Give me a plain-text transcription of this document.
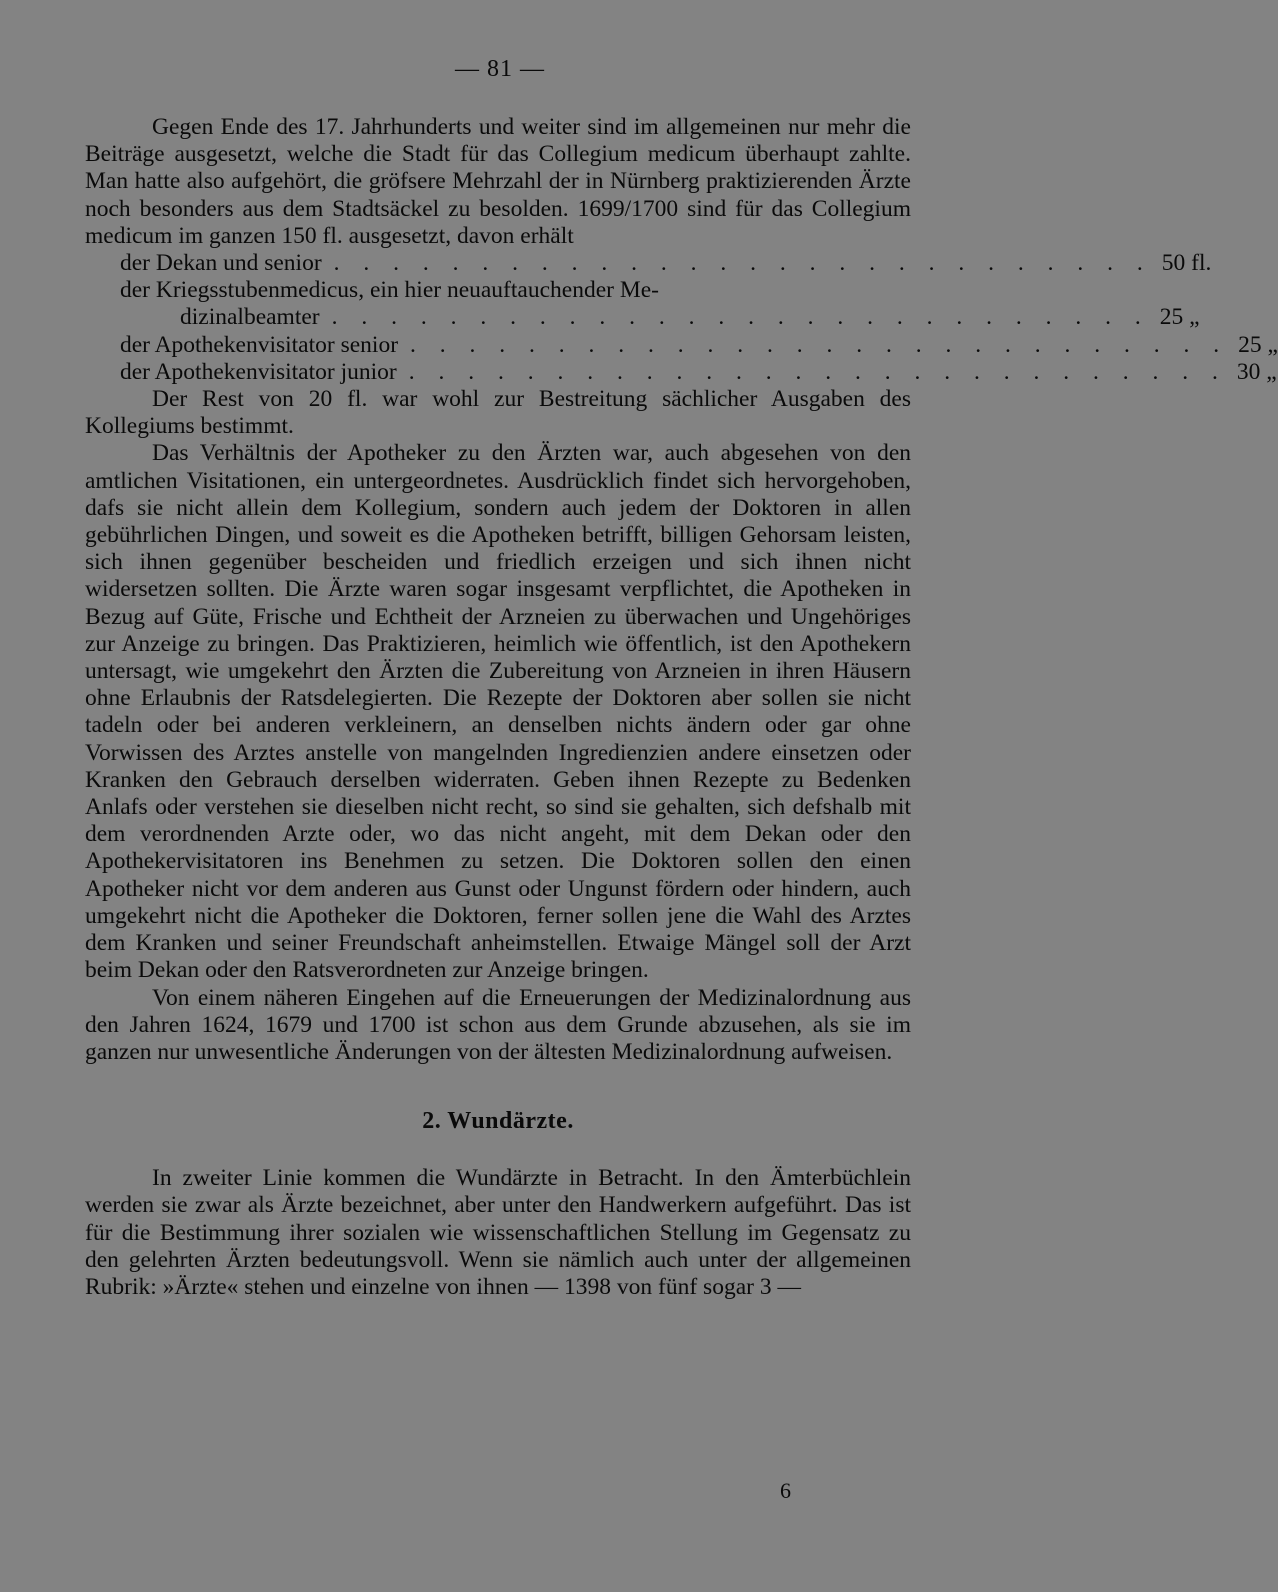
— 81 —

Gegen Ende des 17. Jahrhunderts und weiter sind im allgemeinen nur mehr die Beiträge ausgesetzt, welche die Stadt für das Collegium medicum überhaupt zahlte. Man hatte also aufgehört, die gröfsere Mehrzahl der in Nürnberg praktizierenden Ärzte noch besonders aus dem Stadtsäckel zu besolden. 1699/1700 sind für das Collegium medicum im ganzen 150 fl. ausgesetzt, davon erhält

der Dekan und senior . . . . . . . . . . . . . . . . . . . . . . . . . . . . 50 fl.
der Kriegsstubenmedicus, ein hier neuauftauchender Me-
dizinalbeamter . . . . . . . . . . . . . . . . . . . . . . . . . . . . 25 „
der Apothekenvisitator senior . . . . . . . . . . . . . . . . . . . . . . . . . . . . 25 „
der Apothekenvisitator junior . . . . . . . . . . . . . . . . . . . . . . . . . . . . 30 „

Der Rest von 20 fl. war wohl zur Bestreitung sächlicher Ausgaben des Kollegiums bestimmt.

Das Verhältnis der Apotheker zu den Ärzten war, auch abgesehen von den amtlichen Visitationen, ein untergeordnetes. Ausdrücklich findet sich hervorgehoben, dafs sie nicht allein dem Kollegium, sondern auch jedem der Doktoren in allen gebührlichen Dingen, und soweit es die Apotheken betrifft, billigen Gehorsam leisten, sich ihnen gegenüber bescheiden und friedlich erzeigen und sich ihnen nicht widersetzen sollten. Die Ärzte waren sogar insgesamt verpflichtet, die Apotheken in Bezug auf Güte, Frische und Echtheit der Arzneien zu überwachen und Ungehöriges zur Anzeige zu bringen. Das Praktizieren, heimlich wie öffentlich, ist den Apothekern untersagt, wie umgekehrt den Ärzten die Zubereitung von Arzneien in ihren Häusern ohne Erlaubnis der Ratsdelegierten. Die Rezepte der Doktoren aber sollen sie nicht tadeln oder bei anderen verkleinern, an denselben nichts ändern oder gar ohne Vorwissen des Arztes anstelle von mangelnden Ingredienzien andere einsetzen oder Kranken den Gebrauch derselben widerraten. Geben ihnen Rezepte zu Bedenken Anlafs oder verstehen sie dieselben nicht recht, so sind sie gehalten, sich defshalb mit dem verordnenden Arzte oder, wo das nicht angeht, mit dem Dekan oder den Apothekervisitatoren ins Benehmen zu setzen. Die Doktoren sollen den einen Apotheker nicht vor dem anderen aus Gunst oder Ungunst fördern oder hindern, auch umgekehrt nicht die Apotheker die Doktoren, ferner sollen jene die Wahl des Arztes dem Kranken und seiner Freundschaft anheimstellen. Etwaige Mängel soll der Arzt beim Dekan oder den Ratsverordneten zur Anzeige bringen.

Von einem näheren Eingehen auf die Erneuerungen der Medizinalordnung aus den Jahren 1624, 1679 und 1700 ist schon aus dem Grunde abzusehen, als sie im ganzen nur unwesentliche Änderungen von der ältesten Medizinalordnung aufweisen.

2. Wundärzte.

In zweiter Linie kommen die Wundärzte in Betracht. In den Ämterbüchlein werden sie zwar als Ärzte bezeichnet, aber unter den Handwerkern aufgeführt. Das ist für die Bestimmung ihrer sozialen wie wissenschaftlichen Stellung im Gegensatz zu den gelehrten Ärzten bedeutungsvoll. Wenn sie nämlich auch unter der allgemeinen Rubrik: »Ärzte« stehen und einzelne von ihnen — 1398 von fünf sogar 3 —

6
